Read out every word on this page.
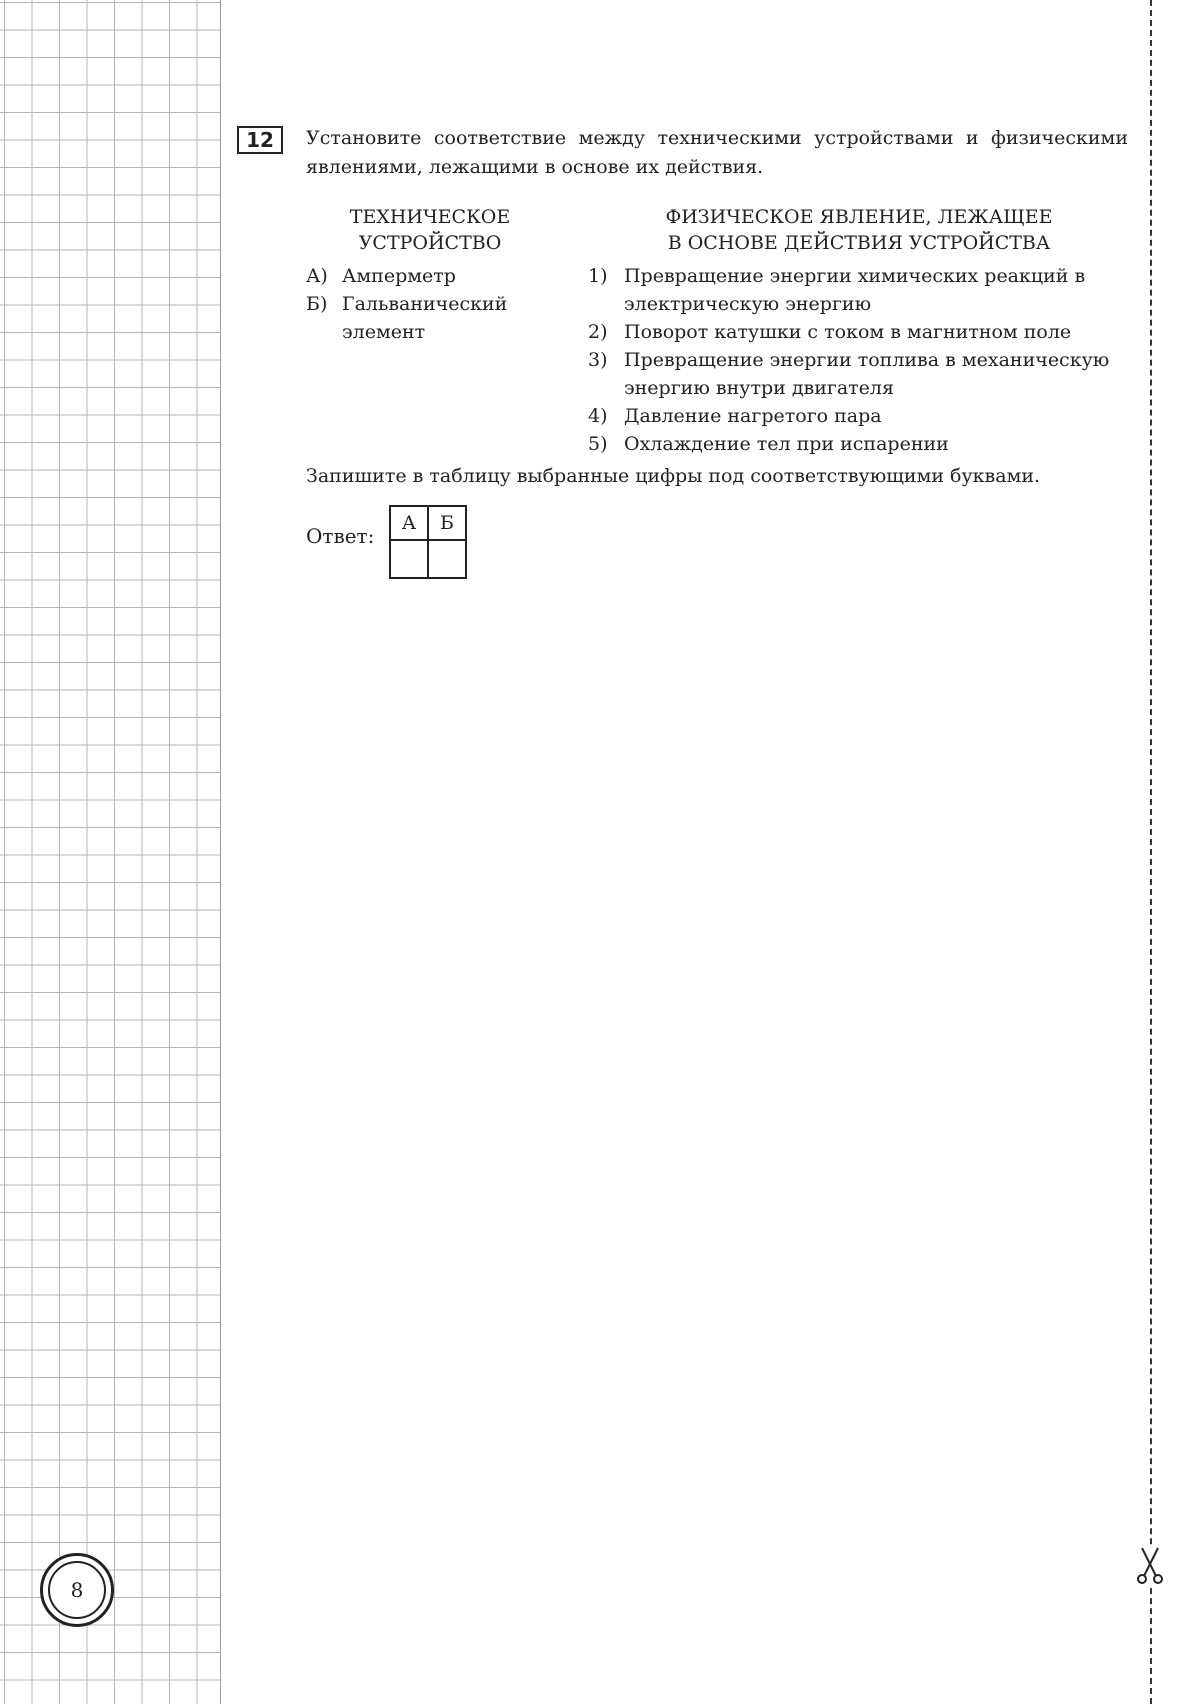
8
12	Установите соответствие между техническими устройствами и физическими явлениями, лежащими в основе их действия.
ТЕХНИЧЕСКОЕ
УСТРОЙСТВО
ФИЗИЧЕСКОЕ ЯВЛЕНИЕ, ЛЕЖАЩЕЕ
В ОСНОВЕ ДЕЙСТВИЯ УСТРОЙСТВА
А) Амперметр
Б) Гальванический элемент
1) Превращение энергии химических реакций в электрическую энергию
2) Поворот катушки с током в магнитном поле
3) Превращение энергии топлива в механическую энергию внутри двигателя
4) Давление нагретого пара
5) Охлаждение тел при испарении
Запишите в таблицу выбранные цифры под соответствующими буквами.
Ответ:
А	Б
